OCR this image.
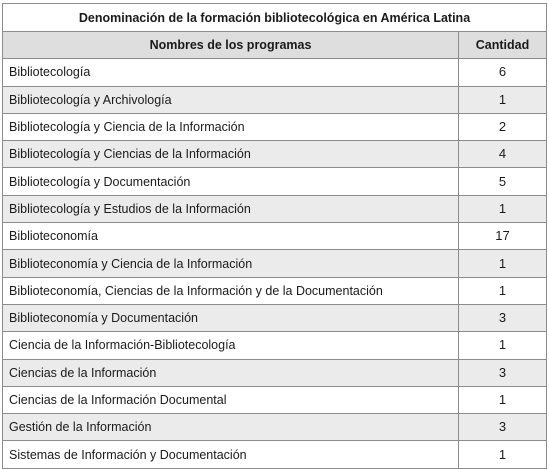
Denominación de la formación bibliotecológica en América Latina	
Nombres de los programas	Cantidad
Bibliotecología	6
Bibliotecología y Archivología	1
Bibliotecología y Ciencia de la Información	2
Bibliotecología y Ciencias de la Información	4
Bibliotecología y Documentación	5
Bibliotecología y Estudios de la Información	1
Biblioteconomía	17
Biblioteconomía y Ciencia de la Información	1
Biblioteconomía, Ciencias de la Información y de la Documentación	1
Biblioteconomía y Documentación	3
Ciencia de la Información-Bibliotecología	1
Ciencias de la Información	3
Ciencias de la Información Documental	1
Gestión de la Información	3
Sistemas de Información y Documentación	1
